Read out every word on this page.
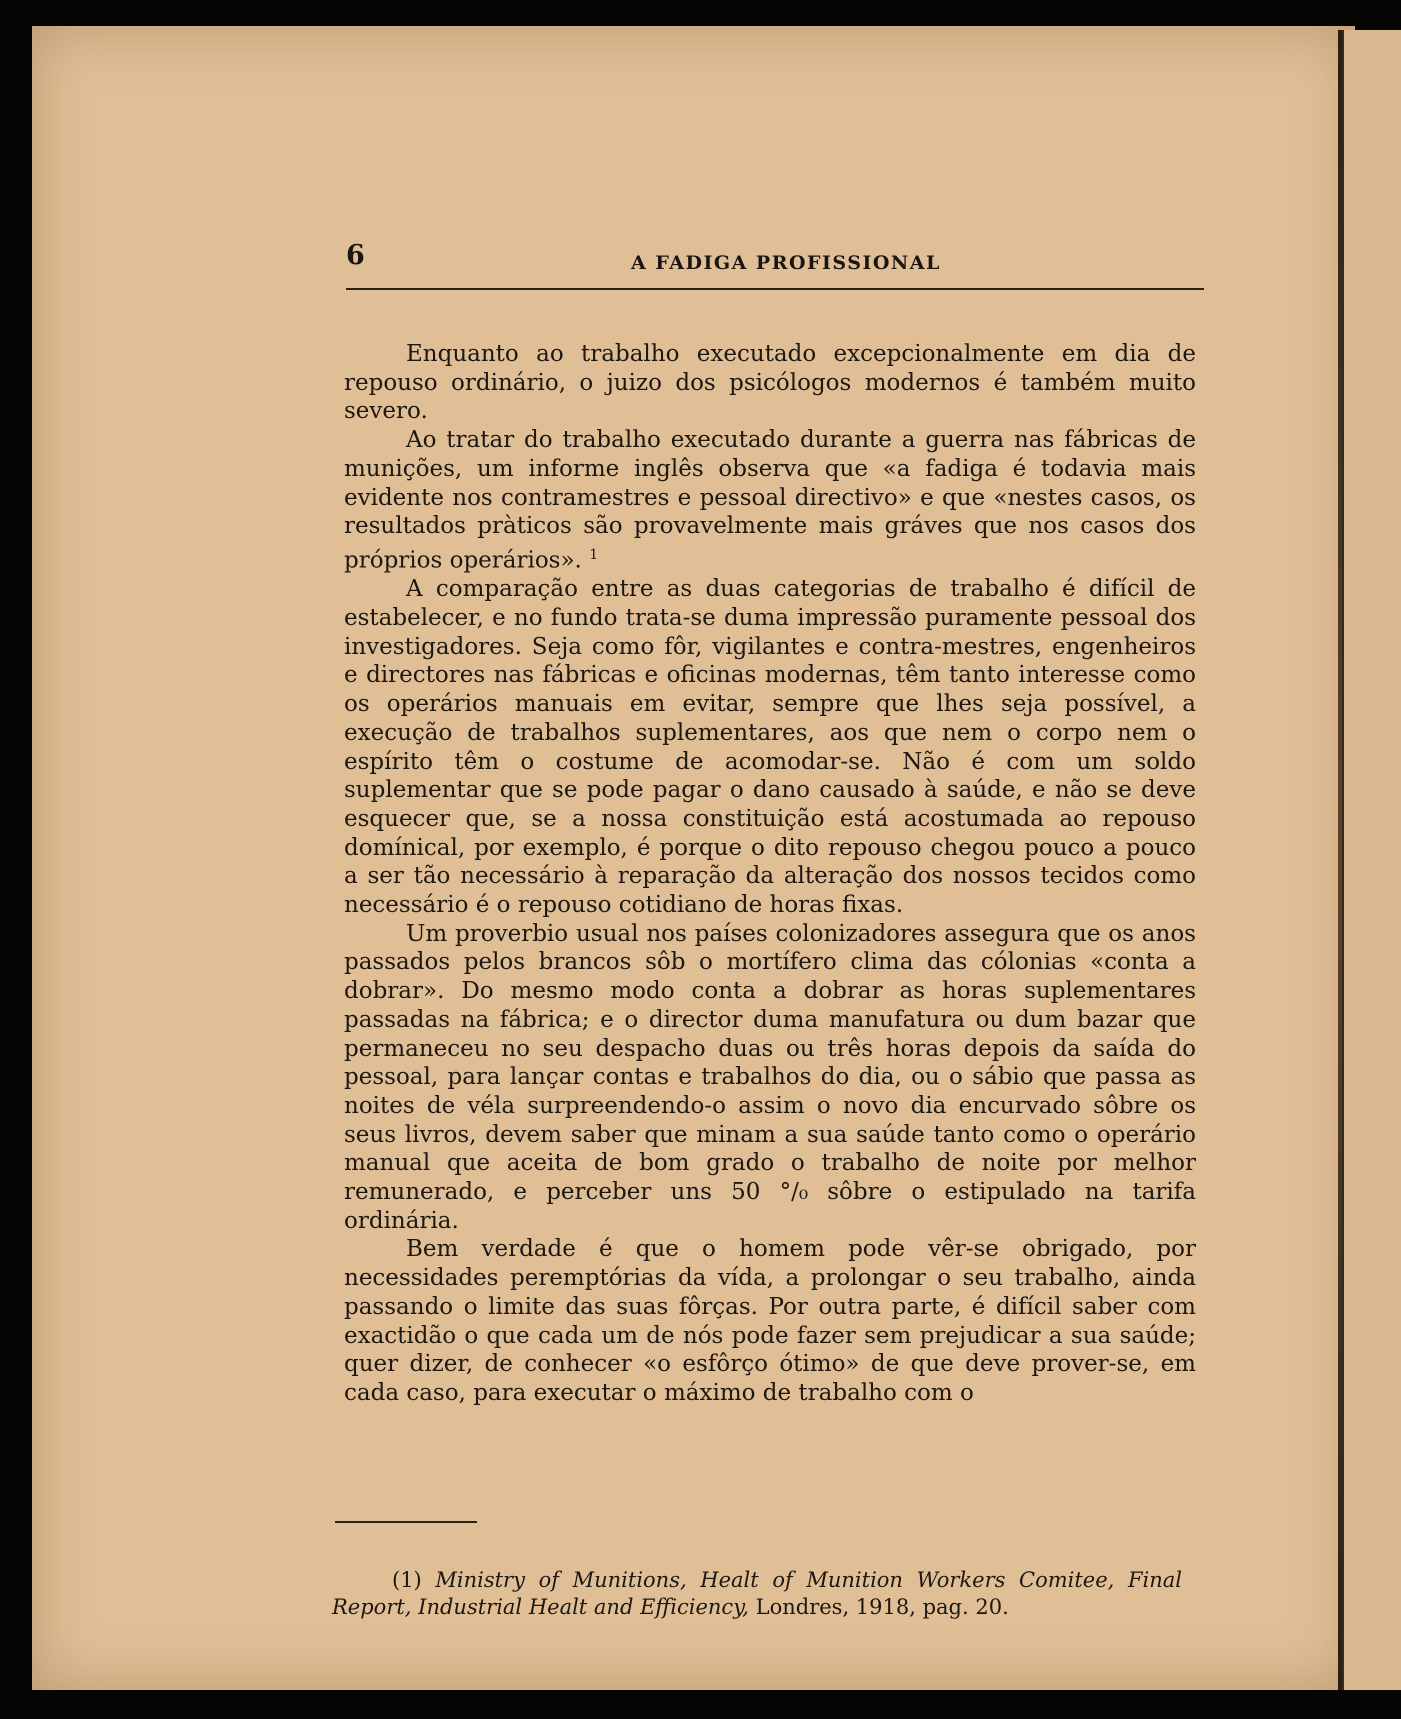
6	A FADIGA PROFISSIONAL

Enquanto ao trabalho executado excepcionalmente em dia de repouso ordinário, o juizo dos psicólogos modernos é também muito severo.

Ao tratar do trabalho executado durante a guerra nas fábricas de munições, um informe inglês observa que «a fadiga é todavia mais evidente nos contramestres e pessoal directivo» e que «nestes casos, os resultados pràticos são provavelmente mais gráves que nos casos dos próprios operários». $^1$

A comparação entre as duas categorias de trabalho é difícil de estabelecer, e no fundo trata-se duma impressão puramente pessoal dos investigadores. Seja como fôr, vigilantes e contra-mestres, engenheiros e directores nas fábricas e oficinas modernas, têm tanto interesse como os operários manuais em evitar, sempre que lhes seja possível, a execução de trabalhos suplementares, aos que nem o corpo nem o espírito têm o costume de acomodar-se. Não é com um soldo suplementar que se pode pagar o dano causado à saúde, e não se deve esquecer que, se a nossa constituição está acostumada ao repouso domínical, por exemplo, é porque o dito repouso chegou pouco a pouco a ser tão necessário à reparação da alteração dos nossos tecidos como necessário é o repouso cotidiano de horas fixas.

Um proverbio usual nos países colonizadores assegura que os anos passados pelos brancos sôb o mortífero clima das cólonias «conta a dobrar». Do mesmo modo conta a dobrar as horas suplementares passadas na fábrica; e o director duma manufatura ou dum bazar que permaneceu no seu despacho duas ou três horas depois da saída do pessoal, para lançar contas e trabalhos do dia, ou o sábio que passa as noites de véla surpreendendo-o assim o novo dia encurvado sôbre os seus livros, devem saber que minam a sua saúde tanto como o operário manual que aceita de bom grado o trabalho de noite por melhor remunerado, e perceber uns 50 °/₀ sôbre o estipulado na tarifa ordinária.

Bem verdade é que o homem pode vêr-se obrigado, por necessidades peremptórias da vída, a prolongar o seu trabalho, ainda passando o limite das suas fôrças. Por outra parte, é difícil saber com exactidão o que cada um de nós pode fazer sem prejudicar a sua saúde; quer dizer, de conhecer «o esfôrço ótimo» de que deve prover-se, em cada caso, para executar o máximo de trabalho com o

(1) Ministry of Munitions, Healt of Munition Workers Comitee, Final Report, Industrial Healt and Efficiency, Londres, 1918, pag. 20.
